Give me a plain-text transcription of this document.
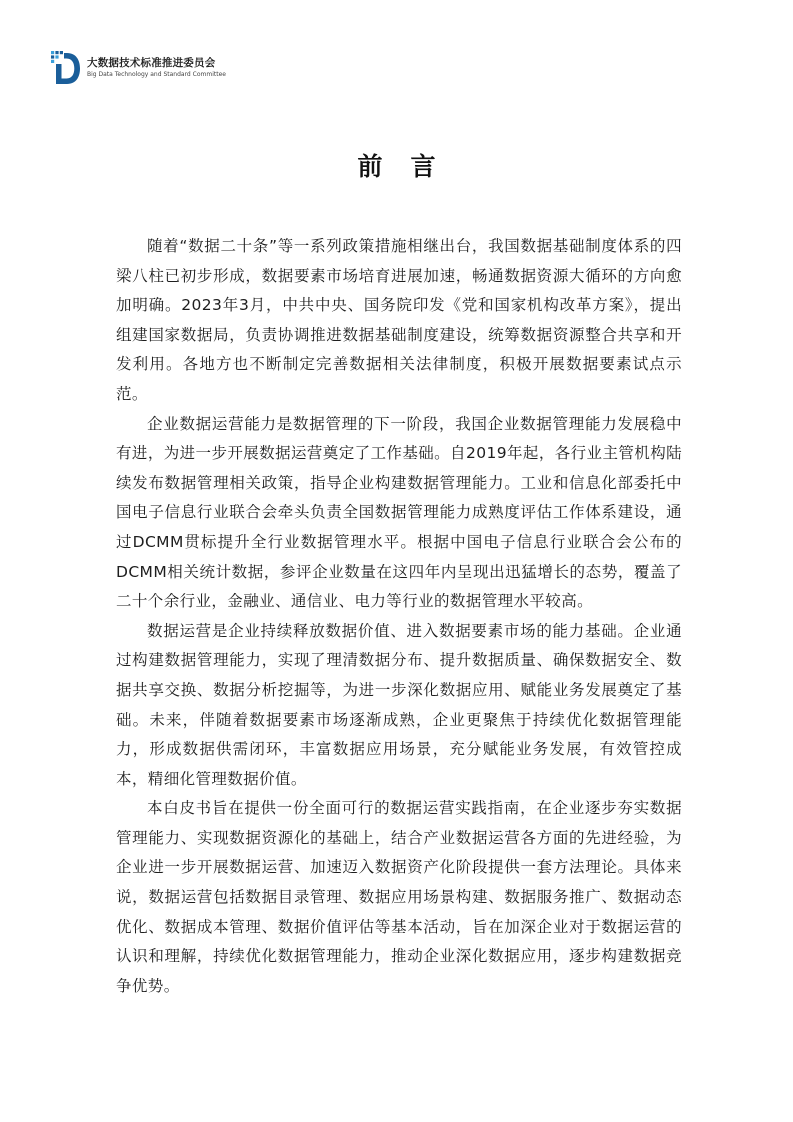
大数据技术标准推进委员会
Big Data Technology and Standard Committee
前言

随着“数据二十条”等一系列政策措施相继出台，我国数据基础制度体系的四梁八柱已初步形成，数据要素市场培育进展加速，畅通数据资源大循环的方向愈加明确。2023年3月，中共中央、国务院印发《党和国家机构改革方案》，提出组建国家数据局，负责协调推进数据基础制度建设，统筹数据资源整合共享和开发利用。各地方也不断制定完善数据相关法律制度，积极开展数据要素试点示范。

企业数据运营能力是数据管理的下一阶段，我国企业数据管理能力发展稳中有进，为进一步开展数据运营奠定了工作基础。自2019年起，各行业主管机构陆续发布数据管理相关政策，指导企业构建数据管理能力。工业和信息化部委托中国电子信息行业联合会牵头负责全国数据管理能力成熟度评估工作体系建设，通过DCMM贯标提升全行业数据管理水平。根据中国电子信息行业联合会公布的DCMM相关统计数据，参评企业数量在这四年内呈现出迅猛增长的态势，覆盖了二十个余行业，金融业、通信业、电力等行业的数据管理水平较高。

数据运营是企业持续释放数据价值、进入数据要素市场的能力基础。企业通过构建数据管理能力，实现了理清数据分布、提升数据质量、确保数据安全、数据共享交换、数据分析挖掘等，为进一步深化数据应用、赋能业务发展奠定了基础。未来，伴随着数据要素市场逐渐成熟，企业更聚焦于持续优化数据管理能力，形成数据供需闭环，丰富数据应用场景，充分赋能业务发展，有效管控成本，精细化管理数据价值。

本白皮书旨在提供一份全面可行的数据运营实践指南，在企业逐步夯实数据管理能力、实现数据资源化的基础上，结合产业数据运营各方面的先进经验，为企业进一步开展数据运营、加速迈入数据资产化阶段提供一套方法理论。具体来说，数据运营包括数据目录管理、数据应用场景构建、数据服务推广、数据动态优化、数据成本管理、数据价值评估等基本活动，旨在加深企业对于数据运营的认识和理解，持续优化数据管理能力，推动企业深化数据应用，逐步构建数据竞争优势。
